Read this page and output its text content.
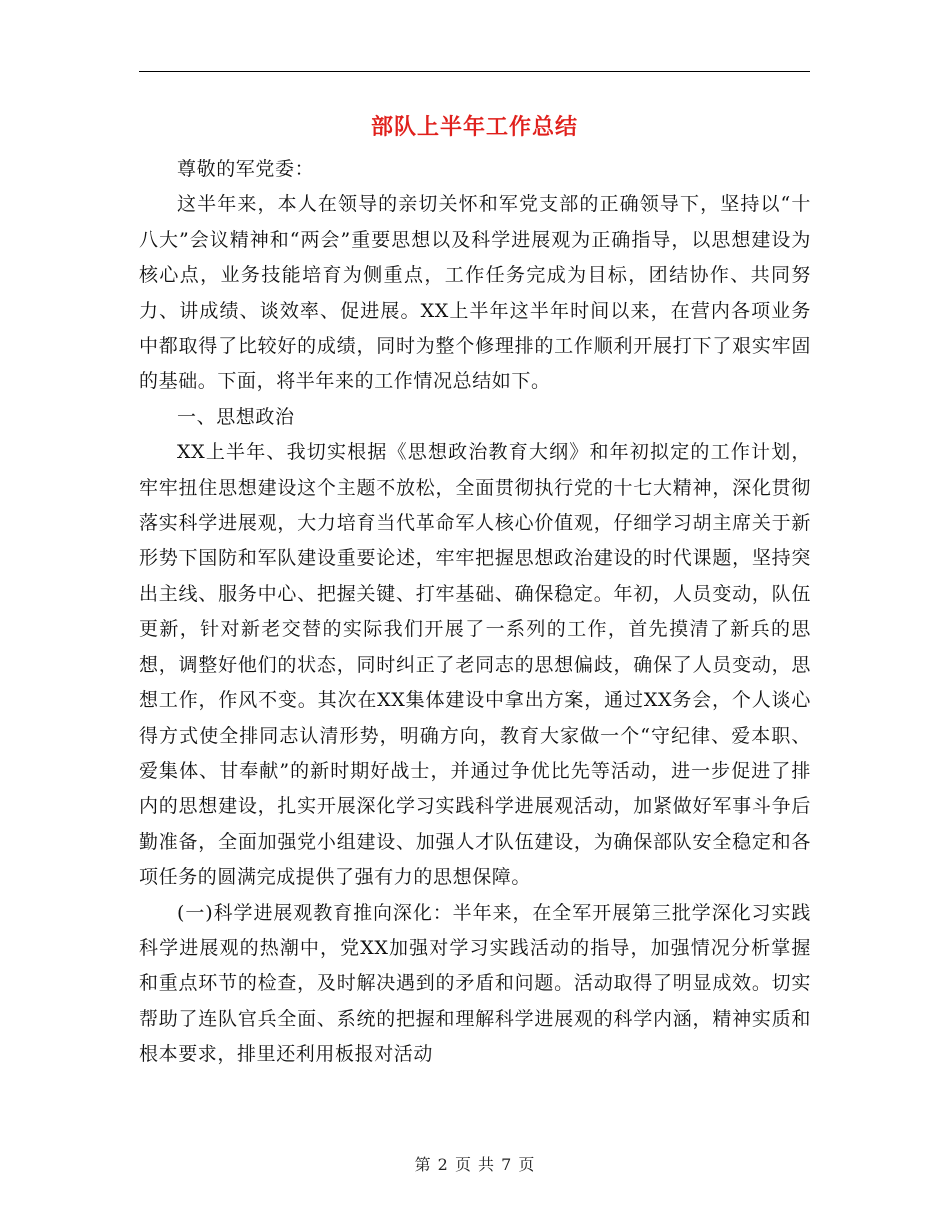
部队上半年工作总结

尊敬的军党委：

这半年来，本人在领导的亲切关怀和军党支部的正确领导下，坚持以“十八大”会议精神和“两会”重要思想以及科学进展观为正确指导，以思想建设为核心点，业务技能培育为侧重点，工作任务完成为目标，团结协作、共同努力、讲成绩、谈效率、促进展。XX上半年这半年时间以来，在营内各项业务中都取得了比较好的成绩，同时为整个修理排的工作顺利开展打下了艰实牢固的基础。下面，将半年来的工作情况总结如下。

一、思想政治

XX上半年、我切实根据《思想政治教育大纲》和年初拟定的工作计划，牢牢扭住思想建设这个主题不放松，全面贯彻执行党的十七大精神，深化贯彻落实科学进展观，大力培育当代革命军人核心价值观，仔细学习胡主席关于新形势下国防和军队建设重要论述，牢牢把握思想政治建设的时代课题，坚持突出主线、服务中心、把握关键、打牢基础、确保稳定。年初，人员变动，队伍更新，针对新老交替的实际我们开展了一系列的工作，首先摸清了新兵的思想，调整好他们的状态，同时纠正了老同志的思想偏歧，确保了人员变动，思想工作，作风不变。其次在XX集体建设中拿出方案，通过XX务会，个人谈心得方式使全排同志认清形势，明确方向，教育大家做一个“守纪律、爱本职、爱集体、甘奉献”的新时期好战士，并通过争优比先等活动，进一步促进了排内的思想建设，扎实开展深化学习实践科学进展观活动，加紧做好军事斗争后勤准备，全面加强党小组建设、加强人才队伍建设，为确保部队安全稳定和各项任务的圆满完成提供了强有力的思想保障。

(一)科学进展观教育推向深化：半年来，在全军开展第三批学深化习实践科学进展观的热潮中，党XX加强对学习实践活动的指导，加强情况分析掌握和重点环节的检查，及时解决遇到的矛盾和问题。活动取得了明显成效。切实帮助了连队官兵全面、系统的把握和理解科学进展观的科学内涵，精神实质和根本要求，排里还利用板报对活动

第 2 页 共 7 页
